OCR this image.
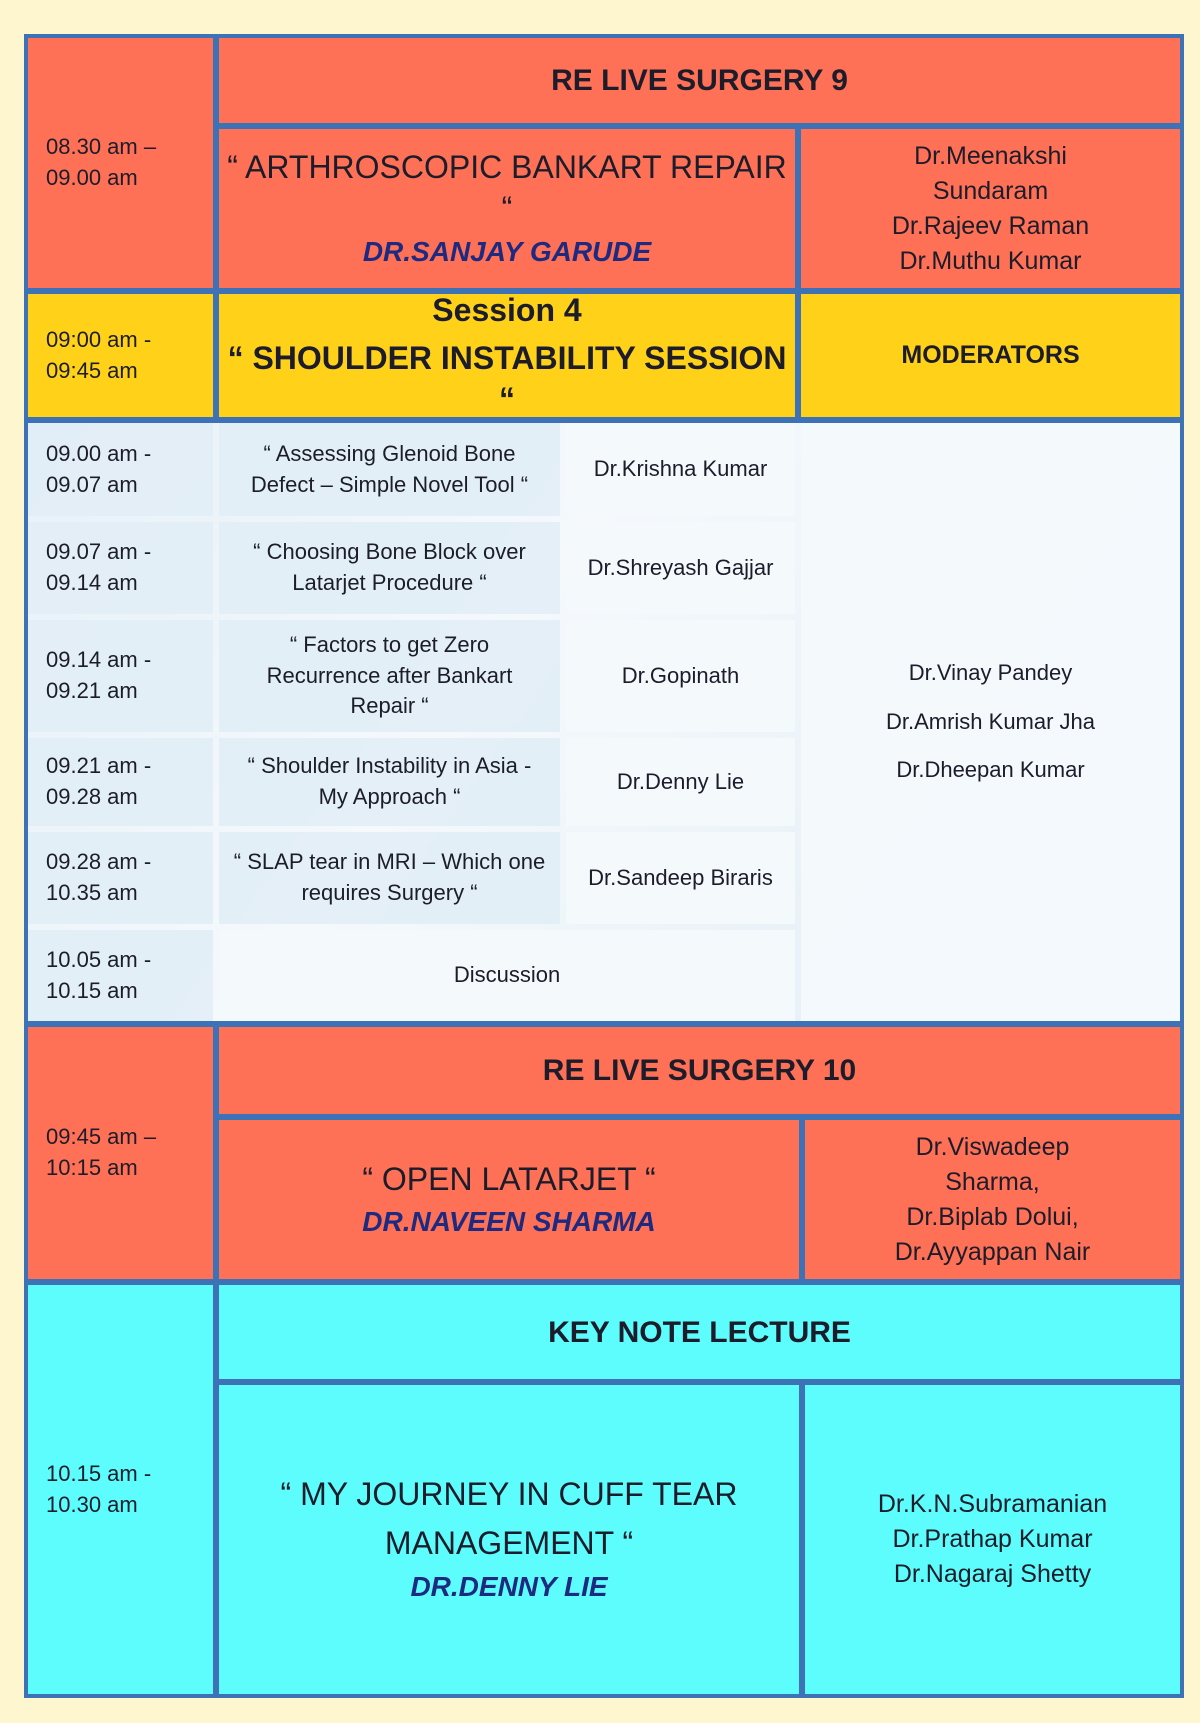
08.30 am –
09.00 am
RE LIVE SURGERY 9
“ ARTHROSCOPIC BANKART REPAIR “
DR.SANJAY GARUDE
Dr.Meenakshi
Sundaram
Dr.Rajeev Raman
Dr.Muthu Kumar
09:00 am -
09:45 am
Session 4
“ SHOULDER INSTABILITY SESSION “
MODERATORS
09.00 am -
09.07 am
“ Assessing Glenoid Bone
Defect – Simple Novel Tool “
Dr.Krishna Kumar
09.07 am -
09.14 am
“ Choosing Bone Block over
Latarjet Procedure “
Dr.Shreyash Gajjar
09.14 am -
09.21 am
“ Factors to get Zero
Recurrence after Bankart
Repair “
Dr.Gopinath
09.21 am -
09.28 am
“ Shoulder Instability in Asia -
My Approach “
Dr.Denny Lie
09.28 am -
10.35 am
“ SLAP tear in MRI – Which one
requires Surgery “
Dr.Sandeep Biraris
10.05 am -
10.15 am
Discussion
Dr.Vinay Pandey
Dr.Amrish Kumar Jha
Dr.Dheepan Kumar
09:45 am –
10:15 am
RE LIVE SURGERY 10
“ OPEN LATARJET “
DR.NAVEEN SHARMA
Dr.Viswadeep
Sharma,
Dr.Biplab Dolui,
Dr.Ayyappan Nair
10.15 am -
10.30 am
KEY NOTE LECTURE
“ MY JOURNEY IN CUFF TEAR
MANAGEMENT “
DR.DENNY LIE
Dr.K.N.Subramanian
Dr.Prathap Kumar
Dr.Nagaraj Shetty
